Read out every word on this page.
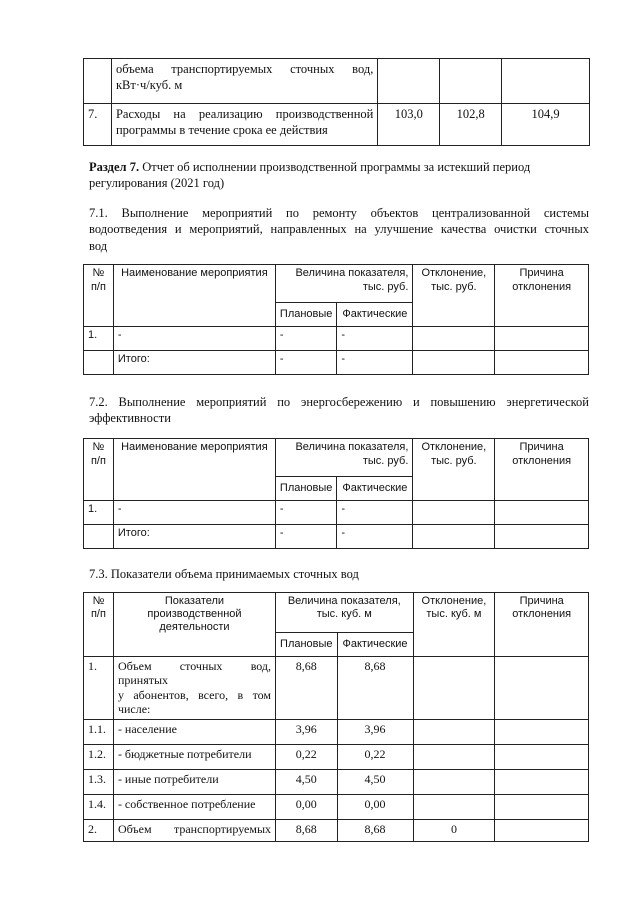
	объема транспортируемых сточных вод,
кВт·ч/куб. м			

7.	Расходы на реализацию производственной
программы в течение срока ее действия	103,0	102,8	104,9

Раздел 7. Отчет об исполнении производственной программы за истекший период
регулирования (2021 год)

7.1. Выполнение мероприятий по ремонту объектов централизованной системы
водоотведения и мероприятий, направленных на улучшение качества очистки сточных
вод

№ п/п	Наименование мероприятия	Величина показателя, тыс. руб.		Отклонение, тыс. руб.	Причина отклонения
		Плановые	Фактические		
1.	-	-	-		
	Итого:	-	-		

7.2. Выполнение мероприятий по энергосбережению и повышению энергетической
эффективности

№ п/п	Наименование мероприятия	Величина показателя, тыс. руб.		Отклонение, тыс. руб.	Причина отклонения
		Плановые	Фактические		
1.	-	-	-		
	Итого:	-	-		

7.3. Показатели объема принимаемых сточных вод

№ п/п	Показатели производственной деятельности	Величина показателя, тыс. куб. м		Отклонение, тыс. куб. м	Причина отклонения
		Плановые	Фактические		
1.	Объем сточных вод, принятых
у абонентов, всего, в том
числе:	8,68	8,68		
1.1.	- население	3,96	3,96		
1.2.	- бюджетные потребители	0,22	0,22		
1.3.	- иные потребители	4,50	4,50		
1.4.	- собственное потребление	0,00	0,00		
2.	Объем транспортируемых	8,68	8,68	0	
